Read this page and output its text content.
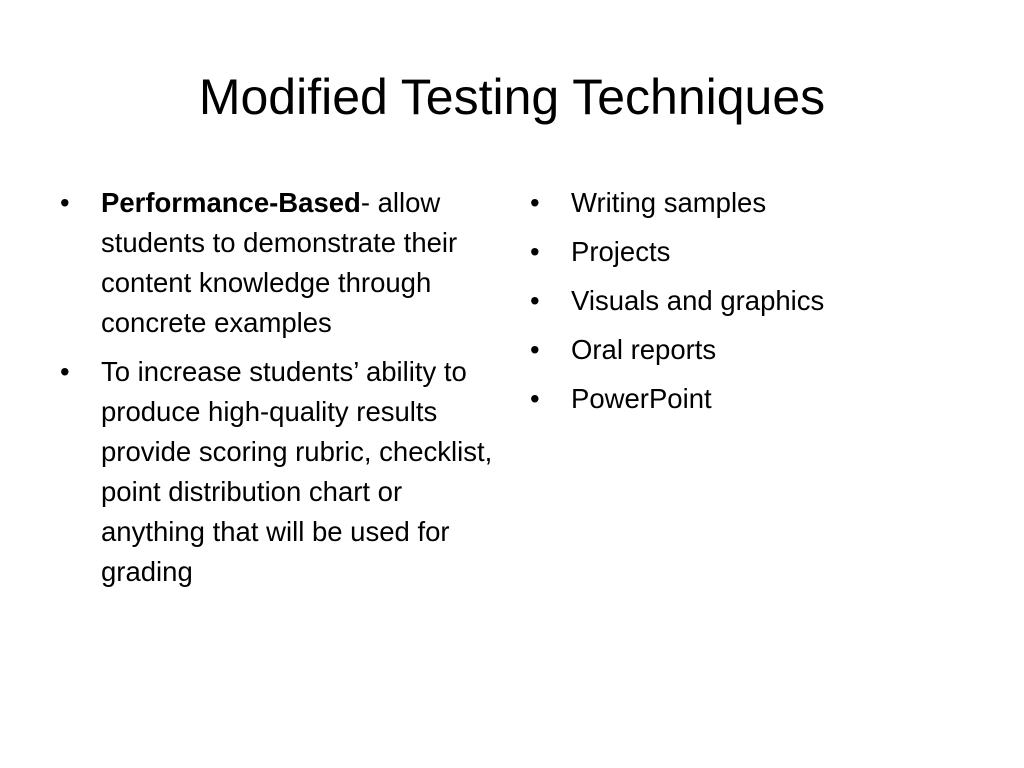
Modified Testing Techniques
• Performance-Based- allow students to demonstrate their content knowledge through concrete examples
• To increase students’ ability to produce high-quality results provide scoring rubric, checklist, point distribution chart or anything that will be used for grading
• Writing samples
• Projects
• Visuals and graphics
• Oral reports
• PowerPoint
